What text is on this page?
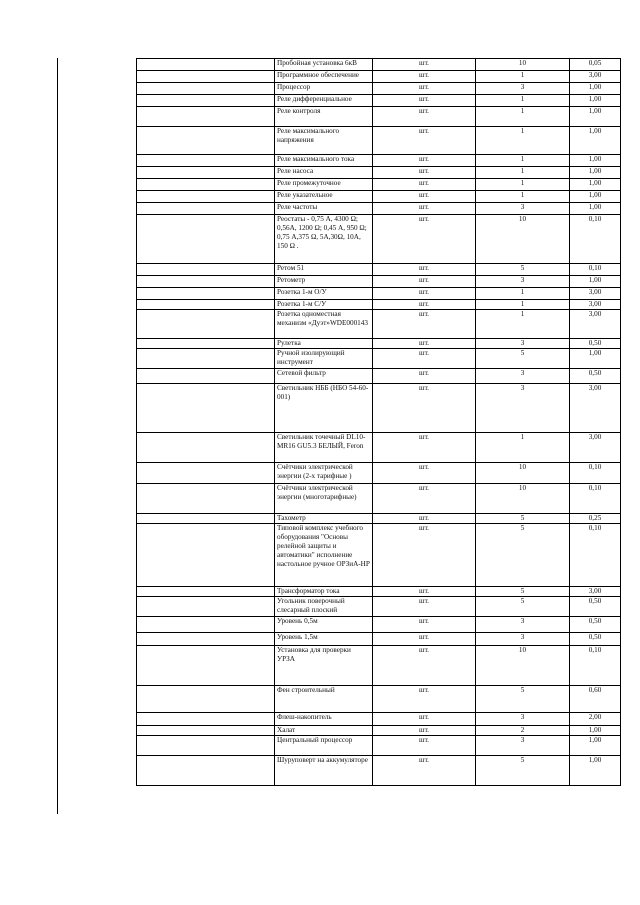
	Пробойная установка 6кВ	шт.	10	0,05
	Программное обеспечение	шт.	1	3,00
	Процессор	шт.	3	1,00
	Реле дифференциальное	шт.	1	1,00
	Реле контроля	шт.	1	1,00
	Реле максимального напряжения	шт.	1	1,00
	Реле максимального тока	шт.	1	1,00
	Реле насоса	шт.	1	1,00
	Реле промежуточное	шт.	1	1,00
	Реле указательное	шт.	1	1,00
	Реле частоты	шт.	3	1,00
	Реостаты - 0,75 А, 4300 Ω; 0,56А, 1200 Ω; 0,45 А, 950 Ω; 0,75 А,375 Ω, 5А,30Ω, 10А, 150 Ω .	шт.	10	0,10
	Ретом 51	шт.	5	0,10
	Ретометр	шт.	3	1,00
	Розетка 1-м О/У	шт.	1	3,00
	Розетка 1-м С/У	шт.	1	3,00
	Розетка одноместная механизм «Дуэт»WDE000143	шт.	1	3,00
	Рулетка	шт.	3	0,50
	Ручной изолирующий инструмент	шт.	5	1,00
	Сетевой фильтр	шт.	3	0,50
	Светильник НББ (НБО 54-60-001)	шт.	3	3,00
	Светильник точечный DL10-MR16 GU5.3 БЕЛЫЙ, Feron	шт.	1	3,00
	Счётчики электрической энергии (2-х тарифные )	шт.	10	0,10
	Счётчики электрической энергии (многотарифные)	шт.	10	0,10
	Тахометр	шт.	5	0,25
	Типовой комплекс учебного оборудования "Основы релейной защиты и автоматики" исполнение настольное ручное ОРЗиА-НР	шт.	5	0,10
	Трансформатор тока	шт.	5	3,00
	Угольник поверочный слесарный плоский	шт.	5	0,50
	Уровень 0,5м	шт.	3	0,50
	Уровень 1,5м	шт.	3	0,50
	Установка для проверки УРЗА	шт.	10	0,10
	Фен строительный	шт.	5	0,60
	Флеш-накопитель	шт.	3	2,00
	Халат	шт.	2	1,00
	Центральный процессор	шт.	3	1,00
	Шуруповерт на аккумуляторе	шт.	5	1,00
